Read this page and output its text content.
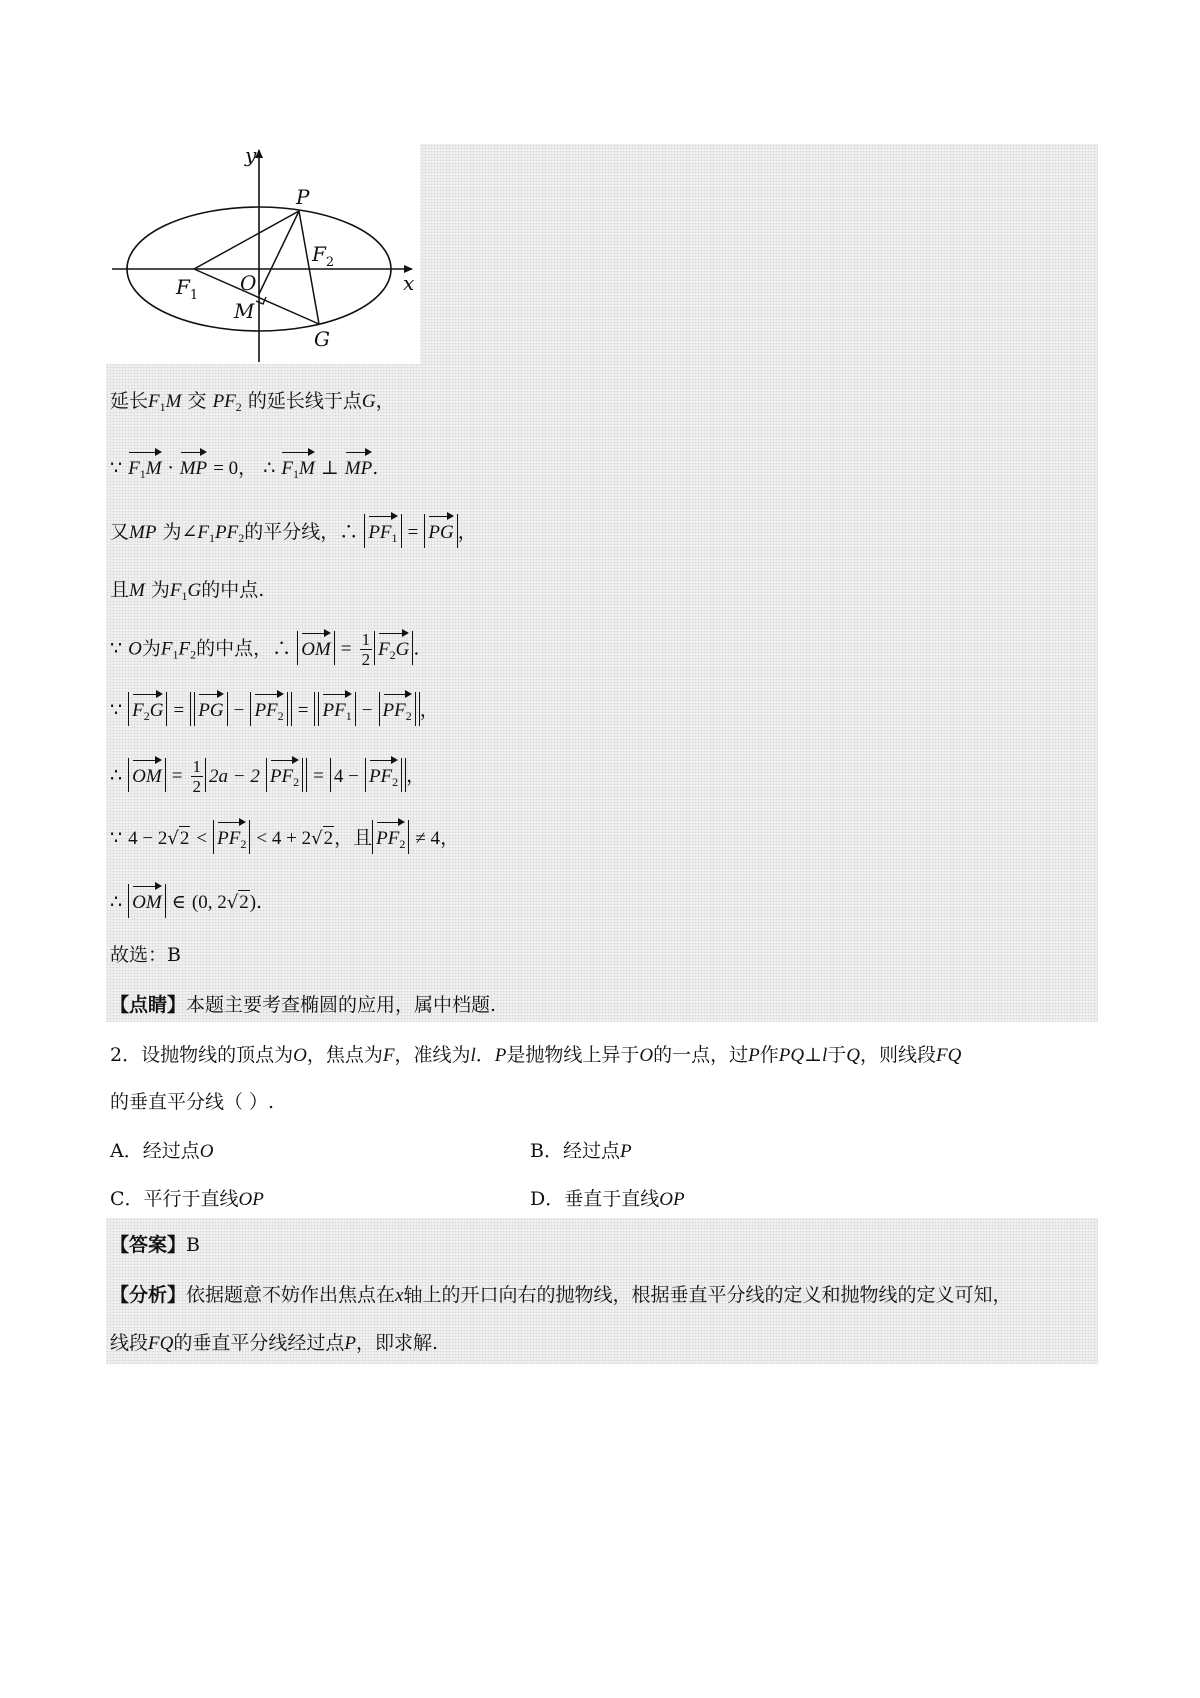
y
x
P
$F_2$
$F_1$
O
M
G
延长$F_1M$ 交 $PF_2$ 的延长线于点G，
∵ $F_1M$ · MP = 0， ∴ $F_1M$ ⊥ MP.
又MP 为$\angle F_1PF_2$的平分线，∴ $PF_1$ = PG ，
且M 为$F_1G$的中点.
∵ O为$F_1F_2$的中点，∴ OM = $\frac{1}{2} F_2G$ .
∵ $F_2G$ = PG − $PF_2 = PF_1 - PF_2$ ，
∴ OM = $\frac{1}{2} 2a - 2$ $PF_2 = 4 - PF_2$ ，
∵ $4 - 2√2 < PF_2 < 4 + 2√2$，且 $PF_2 \ne 4$，
∴ OM ∈ (0, 2√2).
故选：B
【点睛】本题主要考查椭圆的应用，属中档题.
2．设抛物线的顶点为O，焦点为F，准线为l．P是抛物线上异于O的一点，过P作PQ⊥l于Q，则线段FQ
的垂直平分线（ ）.
A．经过点O	B．经过点P
C．平行于直线OP	D．垂直于直线OP
【答案】B
【分析】依据题意不妨作出焦点在x轴上的开口向右的抛物线，根据垂直平分线的定义和抛物线的定义可知，
线段FQ的垂直平分线经过点P，即求解.
